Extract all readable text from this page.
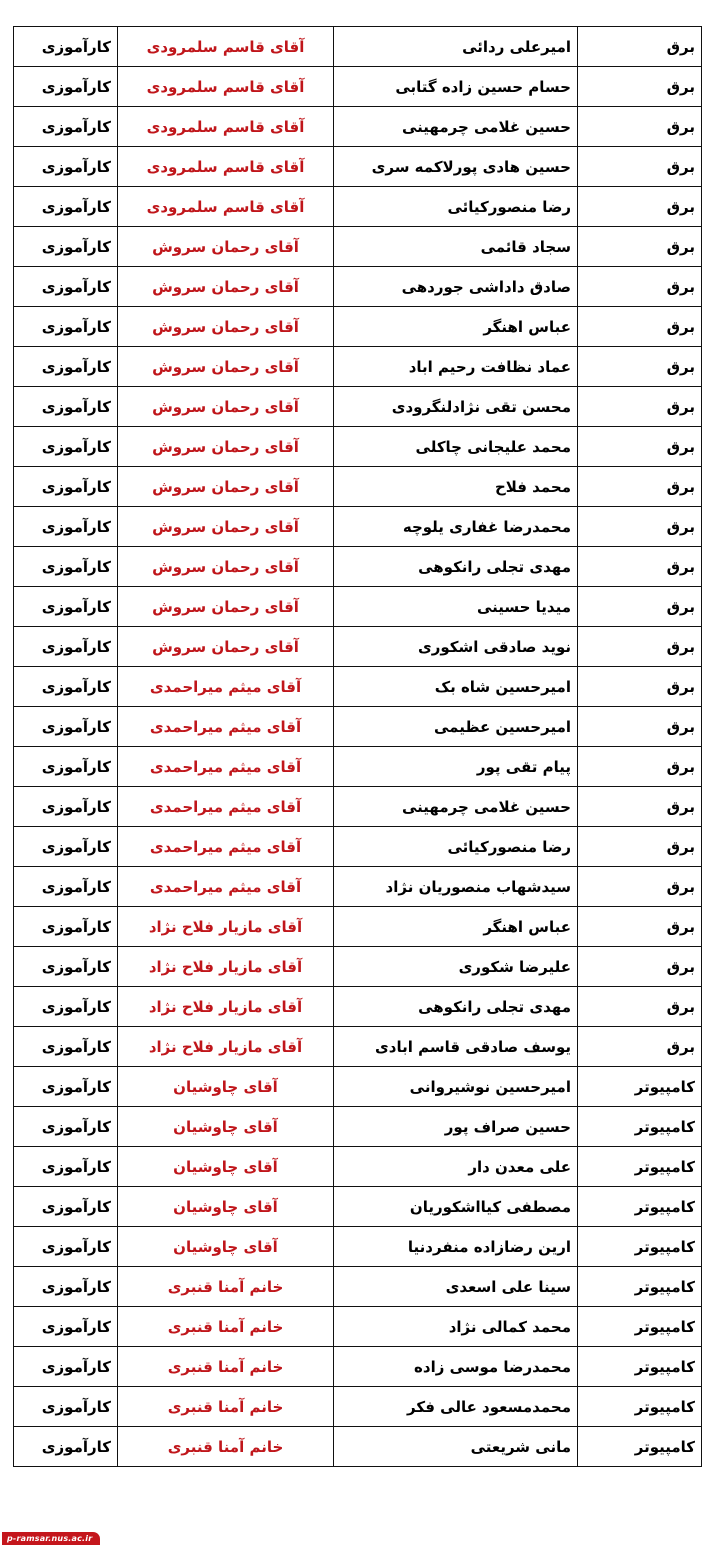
برق	امیرعلی ردائی	آقای قاسم سلمرودی	کارآموزی
برق	حسام حسین زاده گتابی	آقای قاسم سلمرودی	کارآموزی
برق	حسین غلامی چرمهینی	آقای قاسم سلمرودی	کارآموزی
برق	حسین هادی پورلاکمه سری	آقای قاسم سلمرودی	کارآموزی
برق	رضا منصورکیائی	آقای قاسم سلمرودی	کارآموزی
برق	سجاد قائمی	آقای رحمان سروش	کارآموزی
برق	صادق داداشی جوردهی	آقای رحمان سروش	کارآموزی
برق	عباس اهنگر	آقای رحمان سروش	کارآموزی
برق	عماد نظافت رحیم اباد	آقای رحمان سروش	کارآموزی
برق	محسن تقی نژادلنگرودی	آقای رحمان سروش	کارآموزی
برق	محمد علیجانی چاکلی	آقای رحمان سروش	کارآموزی
برق	محمد فلاح	آقای رحمان سروش	کارآموزی
برق	محمدرضا غفاری یلوچه	آقای رحمان سروش	کارآموزی
برق	مهدی تجلی رانکوهی	آقای رحمان سروش	کارآموزی
برق	میدیا حسینی	آقای رحمان سروش	کارآموزی
برق	نوید صادقی اشکوری	آقای رحمان سروش	کارآموزی
برق	امیرحسین شاه بک	آقای میثم میراحمدی	کارآموزی
برق	امیرحسین عظیمی	آقای میثم میراحمدی	کارآموزی
برق	پیام تقی پور	آقای میثم میراحمدی	کارآموزی
برق	حسین غلامی چرمهینی	آقای میثم میراحمدی	کارآموزی
برق	رضا منصورکیائی	آقای میثم میراحمدی	کارآموزی
برق	سیدشهاب منصوریان نژاد	آقای میثم میراحمدی	کارآموزی
برق	عباس اهنگر	آقای مازیار فلاح نژاد	کارآموزی
برق	علیرضا شکوری	آقای مازیار فلاح نژاد	کارآموزی
برق	مهدی تجلی رانکوهی	آقای مازیار فلاح نژاد	کارآموزی
برق	یوسف صادقی قاسم ابادی	آقای مازیار فلاح نژاد	کارآموزی
کامپیوتر	امیرحسین نوشیروانی	آقای چاوشیان	کارآموزی
کامپیوتر	حسین صراف پور	آقای چاوشیان	کارآموزی
کامپیوتر	علی معدن دار	آقای چاوشیان	کارآموزی
کامپیوتر	مصطفی کیااشکوریان	آقای چاوشیان	کارآموزی
کامپیوتر	ارین رضازاده منفردنیا	آقای چاوشیان	کارآموزی
کامپیوتر	سینا علی اسعدی	خانم آمنا قنبری	کارآموزی
کامپیوتر	محمد کمالی نژاد	خانم آمنا قنبری	کارآموزی
کامپیوتر	محمدرضا موسی زاده	خانم آمنا قنبری	کارآموزی
کامپیوتر	محمدمسعود عالی فکر	خانم آمنا قنبری	کارآموزی
کامپیوتر	مانی شریعتی	خانم آمنا قنبری	کارآموزی
p-ramsar.nus.ac.ir
